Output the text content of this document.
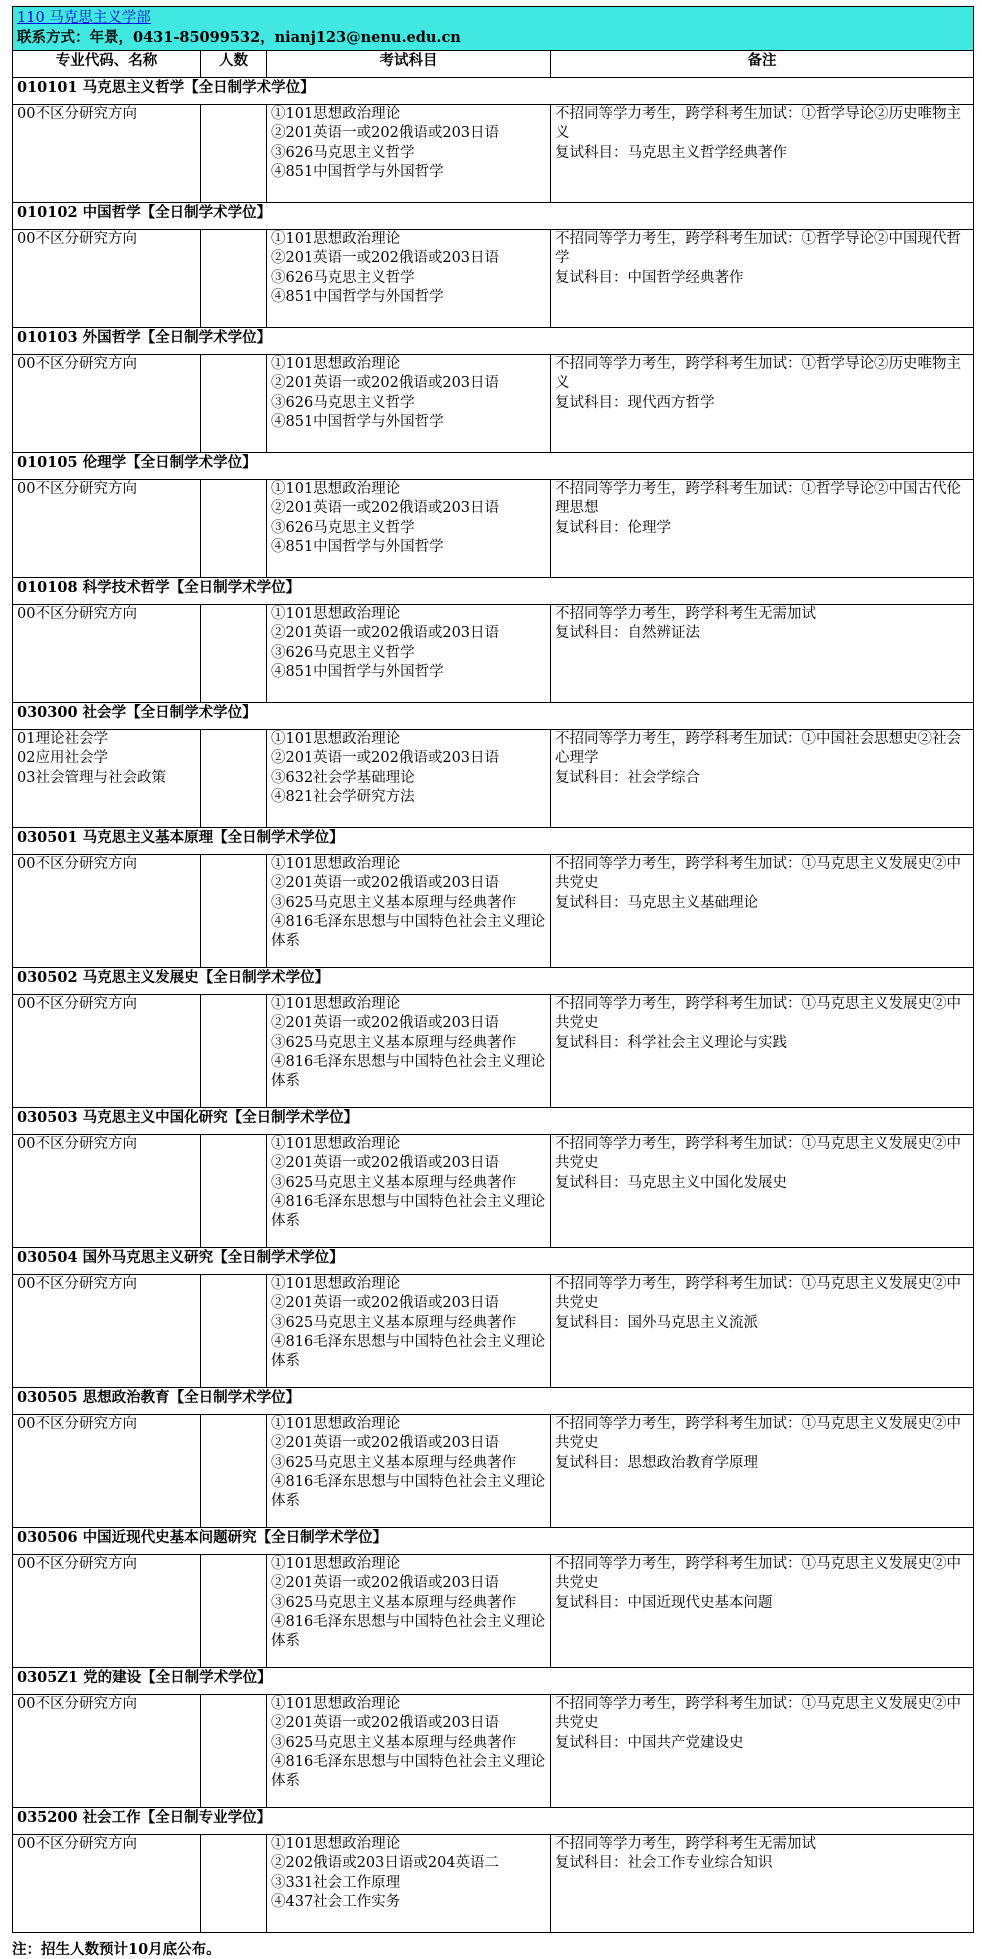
110 马克思主义学部
联系方式：年景，0431-85099532，nianj123@nenu.edu.cn			

专业代码、名称	人数	考试科目	备注
010101 马克思主义哲学【全日制学术学位】			

00不区分研究方向		①101思想政治理论
②201英语一或202俄语或203日语
③626马克思主义哲学
④851中国哲学与外国哲学	不招同等学力考生，跨学科考生加试：①哲学导论②历史唯物主义
复试科目：马克思主义哲学经典著作

010102 中国哲学【全日制学术学位】			

00不区分研究方向		①101思想政治理论
②201英语一或202俄语或203日语
③626马克思主义哲学
④851中国哲学与外国哲学	不招同等学力考生，跨学科考生加试：①哲学导论②中国现代哲学
复试科目：中国哲学经典著作

010103 外国哲学【全日制学术学位】			

00不区分研究方向		①101思想政治理论
②201英语一或202俄语或203日语
③626马克思主义哲学
④851中国哲学与外国哲学	不招同等学力考生，跨学科考生加试：①哲学导论②历史唯物主义
复试科目：现代西方哲学

010105 伦理学【全日制学术学位】			

00不区分研究方向		①101思想政治理论
②201英语一或202俄语或203日语
③626马克思主义哲学
④851中国哲学与外国哲学	不招同等学力考生，跨学科考生加试：①哲学导论②中国古代伦理思想
复试科目：伦理学

010108 科学技术哲学【全日制学术学位】			

00不区分研究方向		①101思想政治理论
②201英语一或202俄语或203日语
③626马克思主义哲学
④851中国哲学与外国哲学	不招同等学力考生，跨学科考生无需加试
复试科目：自然辨证法

030300 社会学【全日制学术学位】			

01理论社会学
02应用社会学
03社会管理与社会政策		①101思想政治理论
②201英语一或202俄语或203日语
③632社会学基础理论
④821社会学研究方法	不招同等学力考生，跨学科考生加试：①中国社会思想史②社会心理学
复试科目：社会学综合

030501 马克思主义基本原理【全日制学术学位】			

00不区分研究方向		①101思想政治理论
②201英语一或202俄语或203日语
③625马克思主义基本原理与经典著作
④816毛泽东思想与中国特色社会主义理论体系	不招同等学力考生，跨学科考生加试：①马克思主义发展史②中共党史
复试科目：马克思主义基础理论

030502 马克思主义发展史【全日制学术学位】			

00不区分研究方向		①101思想政治理论
②201英语一或202俄语或203日语
③625马克思主义基本原理与经典著作
④816毛泽东思想与中国特色社会主义理论体系	不招同等学力考生，跨学科考生加试：①马克思主义发展史②中共党史
复试科目：科学社会主义理论与实践

030503 马克思主义中国化研究【全日制学术学位】			

00不区分研究方向		①101思想政治理论
②201英语一或202俄语或203日语
③625马克思主义基本原理与经典著作
④816毛泽东思想与中国特色社会主义理论体系	不招同等学力考生，跨学科考生加试：①马克思主义发展史②中共党史
复试科目：马克思主义中国化发展史

030504 国外马克思主义研究【全日制学术学位】			

00不区分研究方向		①101思想政治理论
②201英语一或202俄语或203日语
③625马克思主义基本原理与经典著作
④816毛泽东思想与中国特色社会主义理论体系	不招同等学力考生，跨学科考生加试：①马克思主义发展史②中共党史
复试科目：国外马克思主义流派

030505 思想政治教育【全日制学术学位】			

00不区分研究方向		①101思想政治理论
②201英语一或202俄语或203日语
③625马克思主义基本原理与经典著作
④816毛泽东思想与中国特色社会主义理论体系	不招同等学力考生，跨学科考生加试：①马克思主义发展史②中共党史
复试科目：思想政治教育学原理

030506 中国近现代史基本问题研究【全日制学术学位】			

00不区分研究方向		①101思想政治理论
②201英语一或202俄语或203日语
③625马克思主义基本原理与经典著作
④816毛泽东思想与中国特色社会主义理论体系	不招同等学力考生，跨学科考生加试：①马克思主义发展史②中共党史
复试科目：中国近现代史基本问题

0305Z1 党的建设【全日制学术学位】			

00不区分研究方向		①101思想政治理论
②201英语一或202俄语或203日语
③625马克思主义基本原理与经典著作
④816毛泽东思想与中国特色社会主义理论体系	不招同等学力考生，跨学科考生加试：①马克思主义发展史②中共党史
复试科目：中国共产党建设史

035200 社会工作【全日制专业学位】			

00不区分研究方向		①101思想政治理论
②202俄语或203日语或204英语二
③331社会工作原理
④437社会工作实务	不招同等学力考生，跨学科考生无需加试
复试科目：社会工作专业综合知识
注：招生人数预计10月底公布。
